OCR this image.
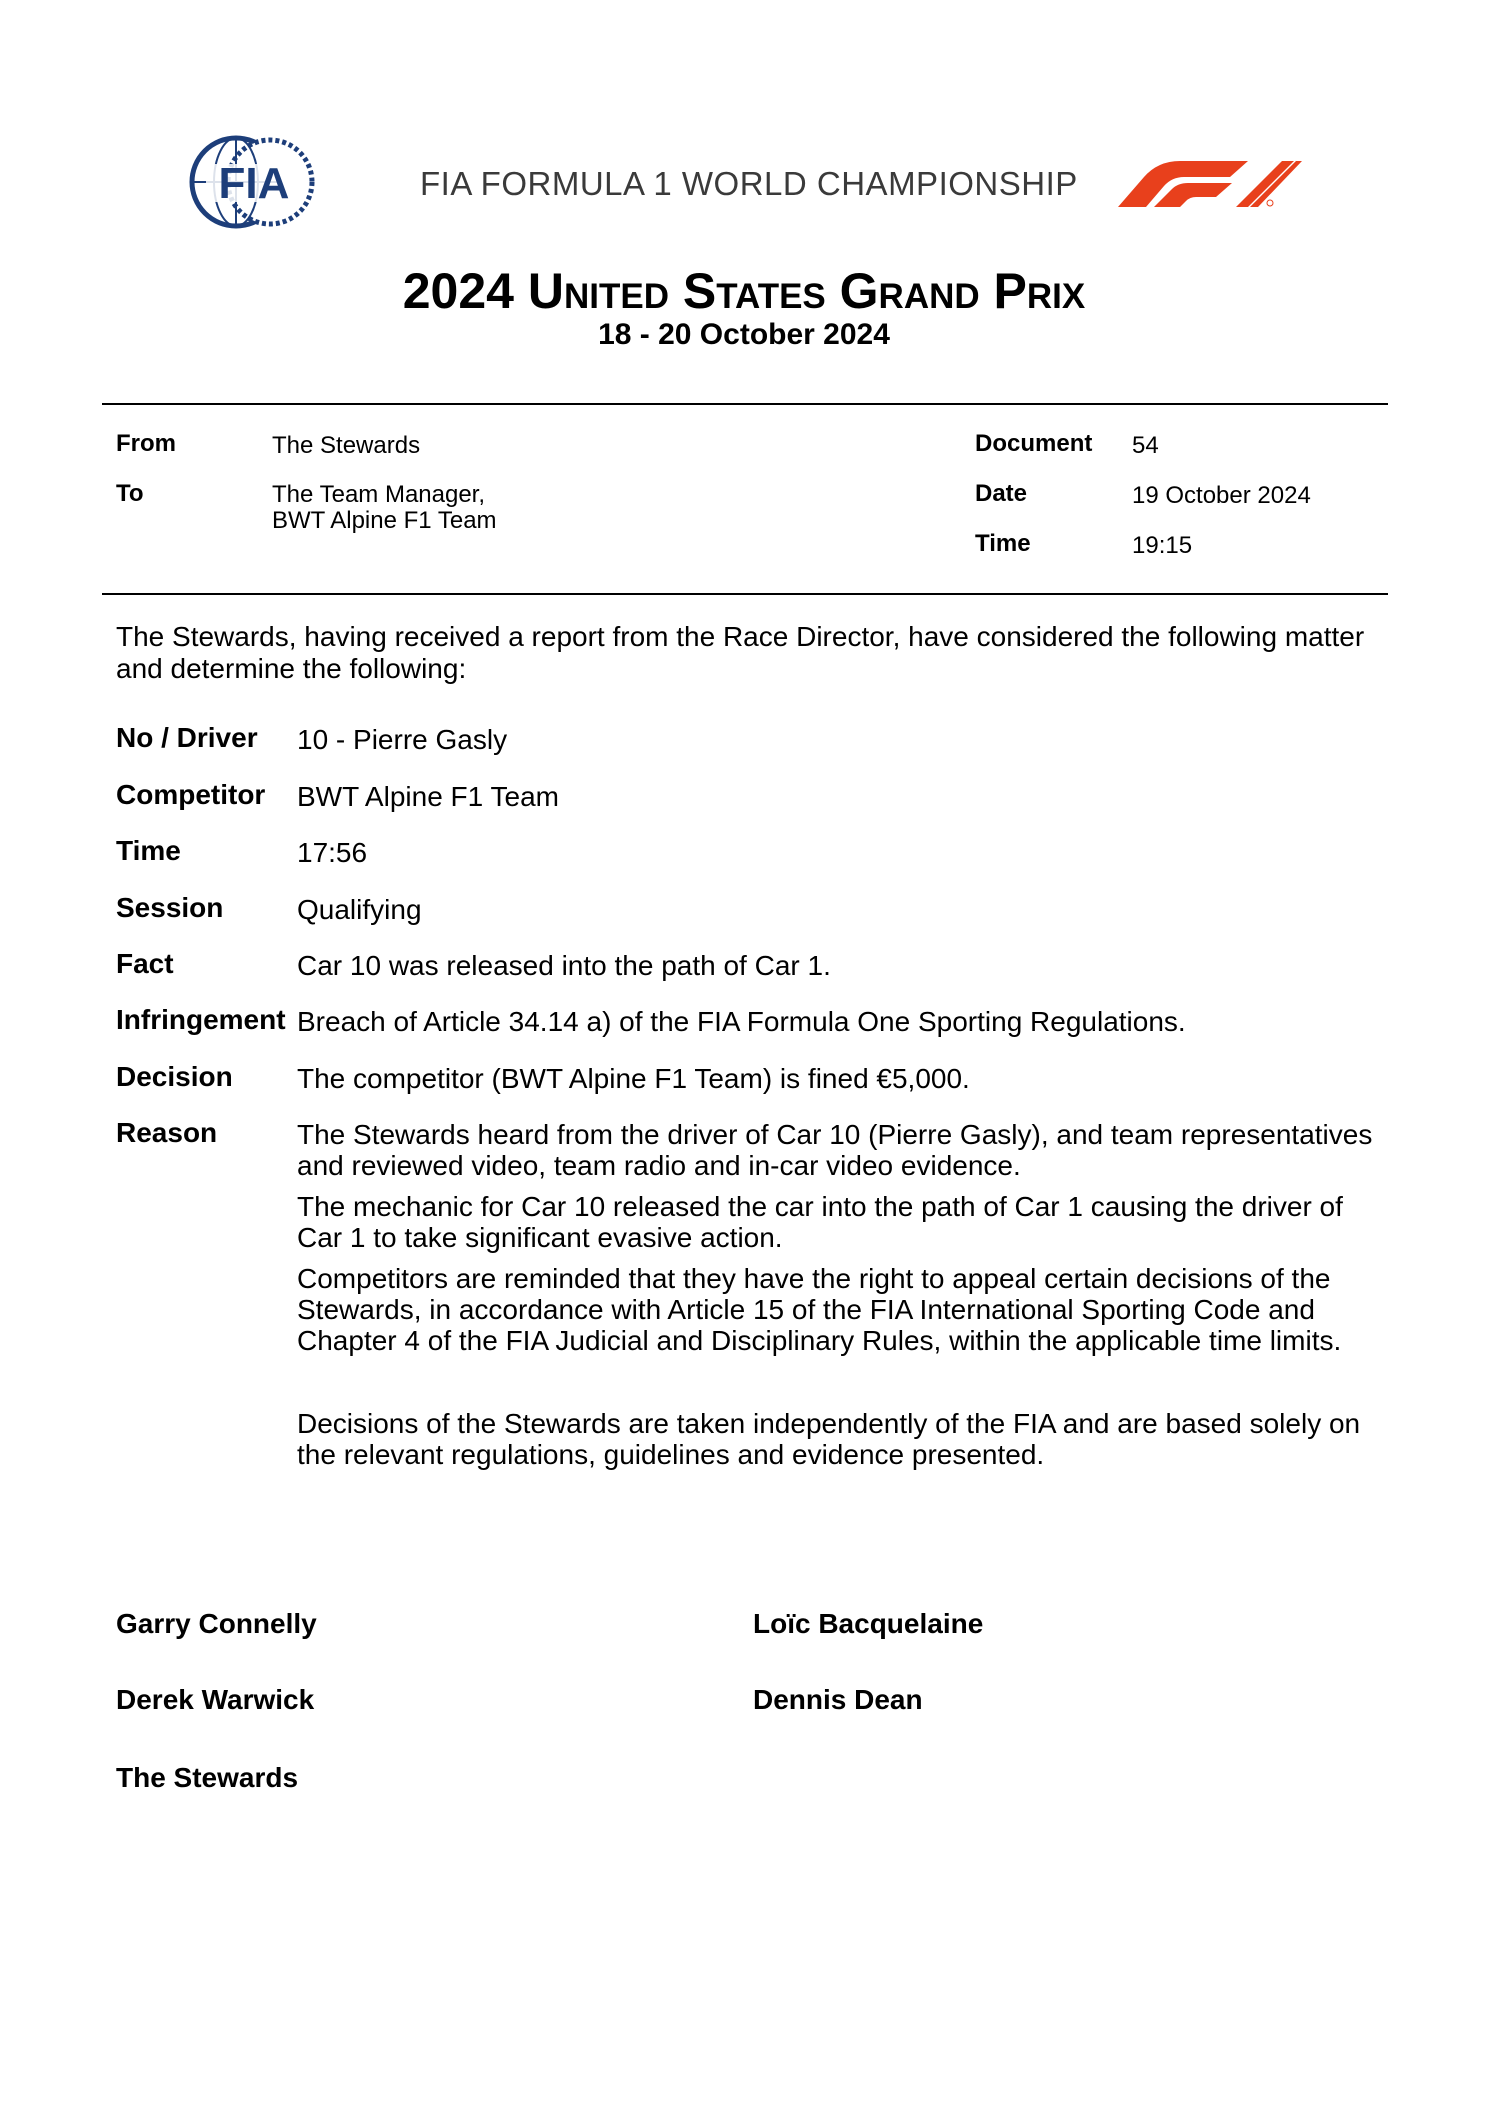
FIA	FIA FORMULA 1 WORLD CHAMPIONSHIP
2024 United States Grand Prix
18 - 20 October 2024
From	The Stewards
To	The Team Manager,
BWT Alpine F1 Team
Document 54
Date	19 October 2024
Time	19:15
The Stewards, having received a report from the Race Director, have considered the following matter and determine the following:
No / Driver 10 - Pierre Gasly
Competitor BWT Alpine F1 Team
Time	17:56
Session	Qualifying
Fact	Car 10 was released into the path of Car 1.
Infringement Breach of Article 34.14 a) of the FIA Formula One Sporting Regulations.
Decision The competitor (BWT Alpine F1 Team) is fined €5,000.
Reason	The Stewards heard from the driver of Car 10 (Pierre Gasly), and team representatives and reviewed video, team radio and in-car video evidence.
The mechanic for Car 10 released the car into the path of Car 1 causing the driver of Car 1 to take significant evasive action.
Competitors are reminded that they have the right to appeal certain decisions of the Stewards, in accordance with Article 15 of the FIA International Sporting Code and Chapter 4 of the FIA Judicial and Disciplinary Rules, within the applicable time limits.
Decisions of the Stewards are taken independently of the FIA and are based solely on the relevant regulations, guidelines and evidence presented.
Garry Connelly	Loïc Bacquelaine
Derek Warwick	Dennis Dean
The Stewards
